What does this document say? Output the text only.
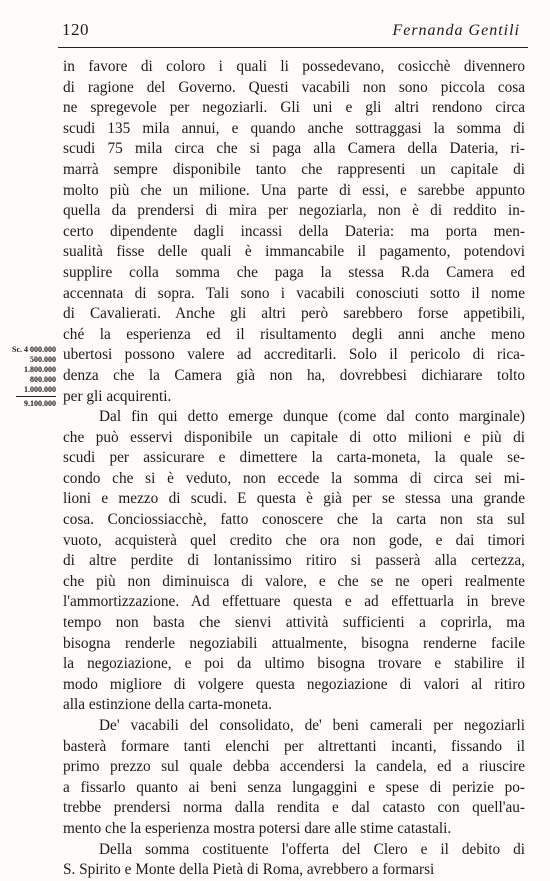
120	Fernanda Gentili
Sc. 4 000.000
500.000
1.800.000
800.000
1.000.000
9.100.000
in favore di coloro i quali li possedevano, cosicchè divennero
di ragione del Governo. Questi vacabili non sono piccola cosa
ne spregevole per negoziarli. Gli uni e gli altri rendono circa
scudi 135 mila annui, e quando anche sottraggasi la somma di
scudi 75 mila circa che si paga alla Camera della Dateria, ri-
marrà sempre disponibile tanto che rappresenti un capitale di
molto più che un milione. Una parte di essi, e sarebbe appunto
quella da prendersi di mira per negoziarla, non è di reddito in-
certo dipendente dagli incassi della Dateria: ma porta men-
sualità fisse delle quali è immancabile il pagamento, potendovi
supplire colla somma che paga la stessa R.da Camera ed
accennata di sopra. Tali sono i vacabili conosciuti sotto il nome
di Cavalierati. Anche gli altri però sarebbero forse appetibili,
ché la esperienza ed il risultamento degli anni anche meno
ubertosi possono valere ad accreditarli. Solo il pericolo di rica-
denza che la Camera già non ha, dovrebbesi dichiarare tolto
per gli acquirenti.
Dal fin qui detto emerge dunque (come dal conto marginale)
che può esservi disponibile un capitale di otto milioni e più di
scudi per assicurare e dimettere la carta-moneta, la quale se-
condo che si è veduto, non eccede la somma di circa sei mi-
lioni e mezzo di scudi. E questa è già per se stessa una grande
cosa. Conciossiacchè, fatto conoscere che la carta non sta sul
vuoto, acquisterà quel credito che ora non gode, e dai timori
di altre perdite di lontanissimo ritiro si passerà alla certezza,
che più non diminuisca di valore, e che se ne operi realmente
l'ammortizzazione. Ad effettuare questa e ad effettuarla in breve
tempo non basta che sienvi attività sufficienti a coprirla, ma
bisogna renderle negoziabili attualmente, bisogna renderne facile
la negoziazione, e poi da ultimo bisogna trovare e stabilire il
modo migliore di volgere questa negoziazione di valori al ritiro
alla estinzione della carta-moneta.
De' vacabili del consolidato, de' beni camerali per negoziarli
basterà formare tanti elenchi per altrettanti incanti, fissando il
primo prezzo sul quale debba accendersi la candela, ed a riuscire
a fissarlo quanto ai beni senza lungaggini e spese di perizie po-
trebbe prendersi norma dalla rendita e dal catasto con quell'au-
mento che la esperienza mostra potersi dare alle stime catastali.
Della somma costituente l'offerta del Clero e il debito di
S. Spirito e Monte della Pietà di Roma, avrebbero a formarsi
